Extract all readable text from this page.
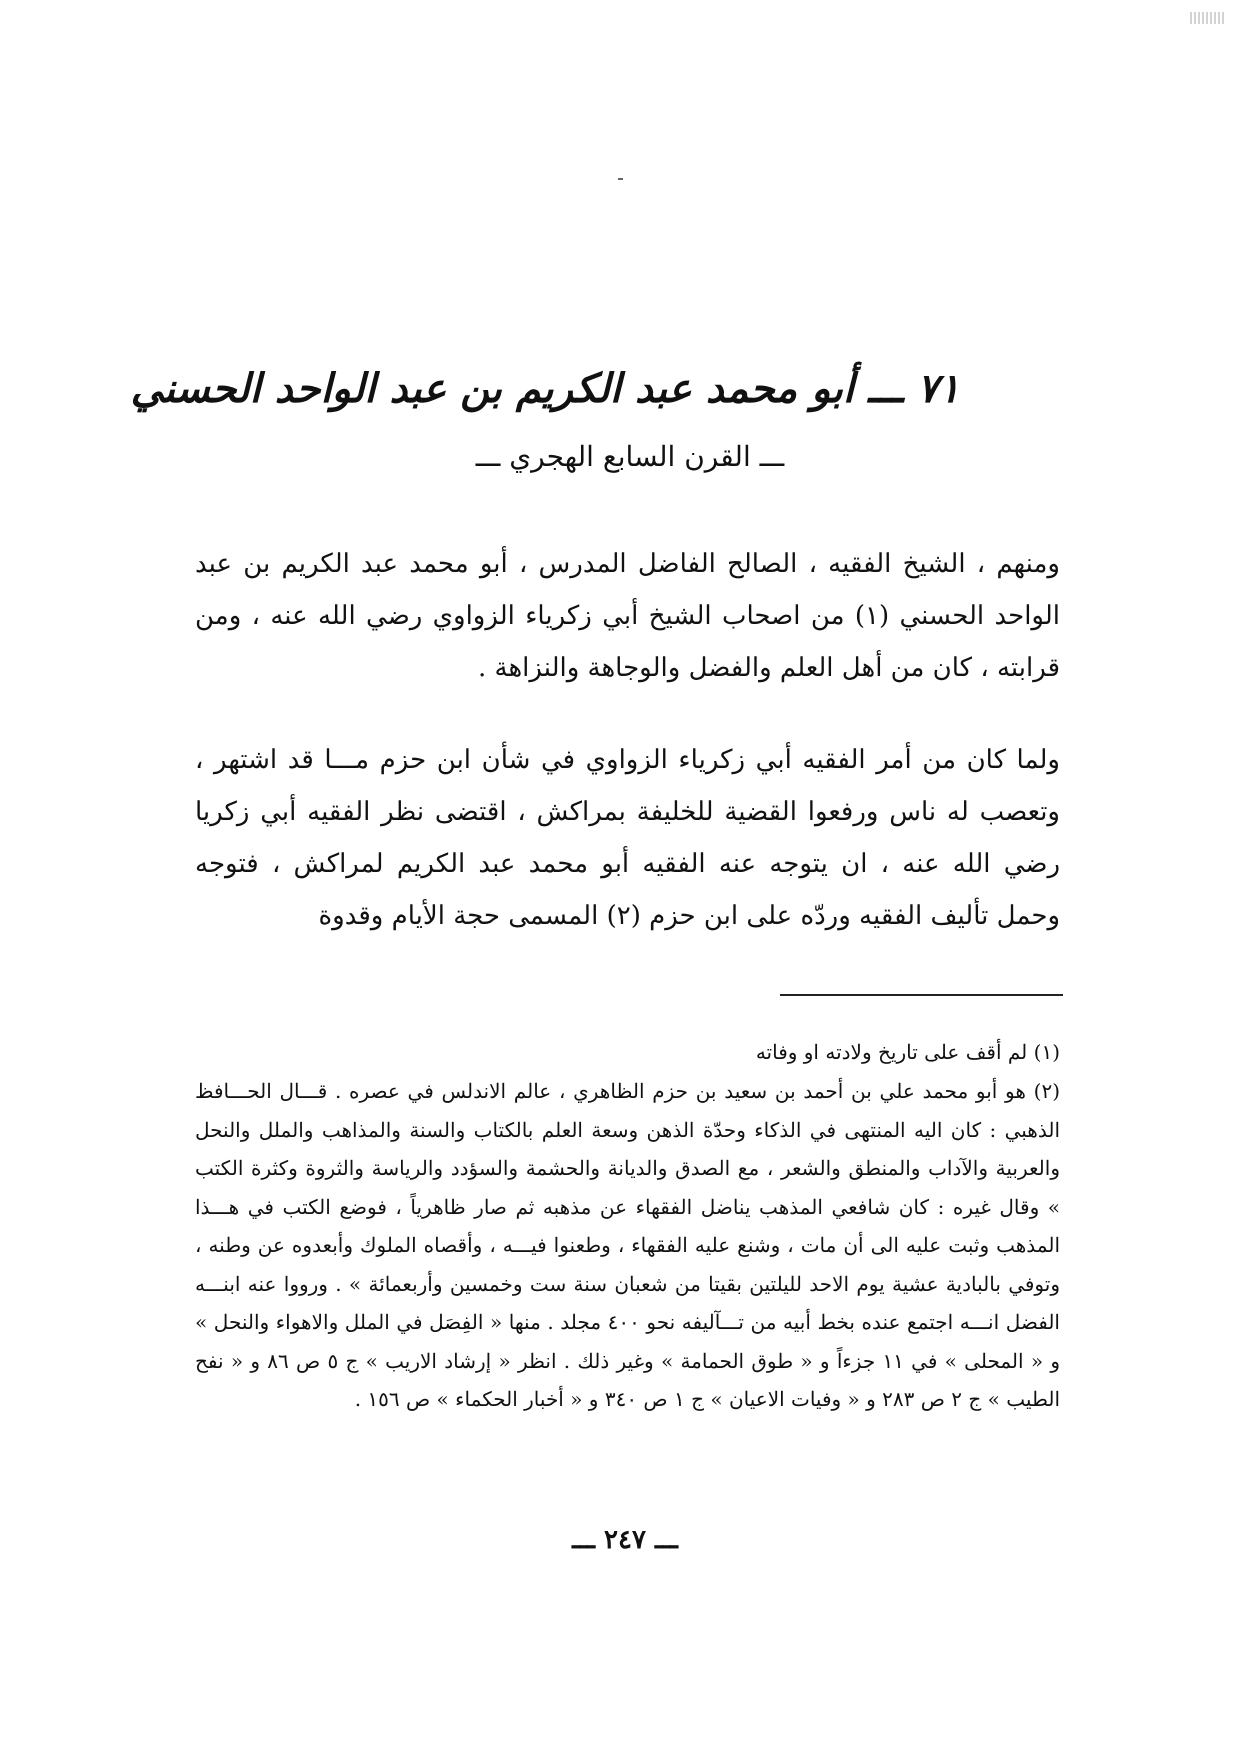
٧١ ـــ أبو محمد عبد الكريم بن عبد الواحد الحسني
ـــ القرن السابع الهجري ـــ

ومنهم ، الشيخ الفقيه ، الصالح الفاضل المدرس ، أبو محمد عبد الكريم بن عبد الواحد الحسني (١) من اصحاب الشيخ أبي زكرياء الزواوي رضي الله عنه ، ومن قرابته ، كان من أهل العلم والفضل والوجاهة والنزاهة .

ولما كان من أمر الفقيه أبي زكرياء الزواوي في شأن ابن حزم مـــا قد اشتهر ، وتعصب له ناس ورفعوا القضية للخليفة بمراكش ، اقتضى نظر الفقيه أبي زكريا رضي الله عنه ، ان يتوجه عنه الفقيه أبو محمد عبد الكريم لمراكش ، فتوجه وحمل تأليف الفقيه وردّه على ابن حزم (٢) المسمى حجة الأيام وقدوة

(١) لم أقف على تاريخ ولادته او وفاته

(٢) هو أبو محمد علي بن أحمد بن سعيد بن حزم الظاهري ، عالم الاندلس في عصره . قـــال الحـــافظ الذهبي : كان اليه المنتهى في الذكاء وحدّة الذهن وسعة العلم بالكتاب والسنة والمذاهب والملل والنحل والعربية والآداب والمنطق والشعر ، مع الصدق والديانة والحشمة والسؤدد والرياسة والثروة وكثرة الكتب » وقال غيره : كان شافعي المذهب يناضل الفقهاء عن مذهبه ثم صار ظاهرياً ، فوضع الكتب في هـــذا المذهب وثبت عليه الى أن مات ، وشنع عليه الفقهاء ، وطعنوا فيـــه ، وأقصاه الملوك وأبعدوه عن وطنه ، وتوفي بالبادية عشية يوم الاحد لليلتين بقيتا من شعبان سنة ست وخمسين وأربعمائة » . ورووا عنه ابنـــه الفضل انـــه اجتمع عنده بخط أبيه من تـــآليفه نحو ٤٠٠ مجلد . منها « الفِصَل في الملل والاهواء والنحل » و « المحلى » في ١١ جزءاً و « طوق الحمامة » وغير ذلك . انظر « إرشاد الاريب » ج ٥ ص ٨٦ و « نفح الطيب » ج ٢ ص ٢٨٣ و « وفيات الاعيان » ج ١ ص ٣٤٠ و « أخبار الحكماء » ص ١٥٦ .

ـــ ٢٤٧ ـــ
